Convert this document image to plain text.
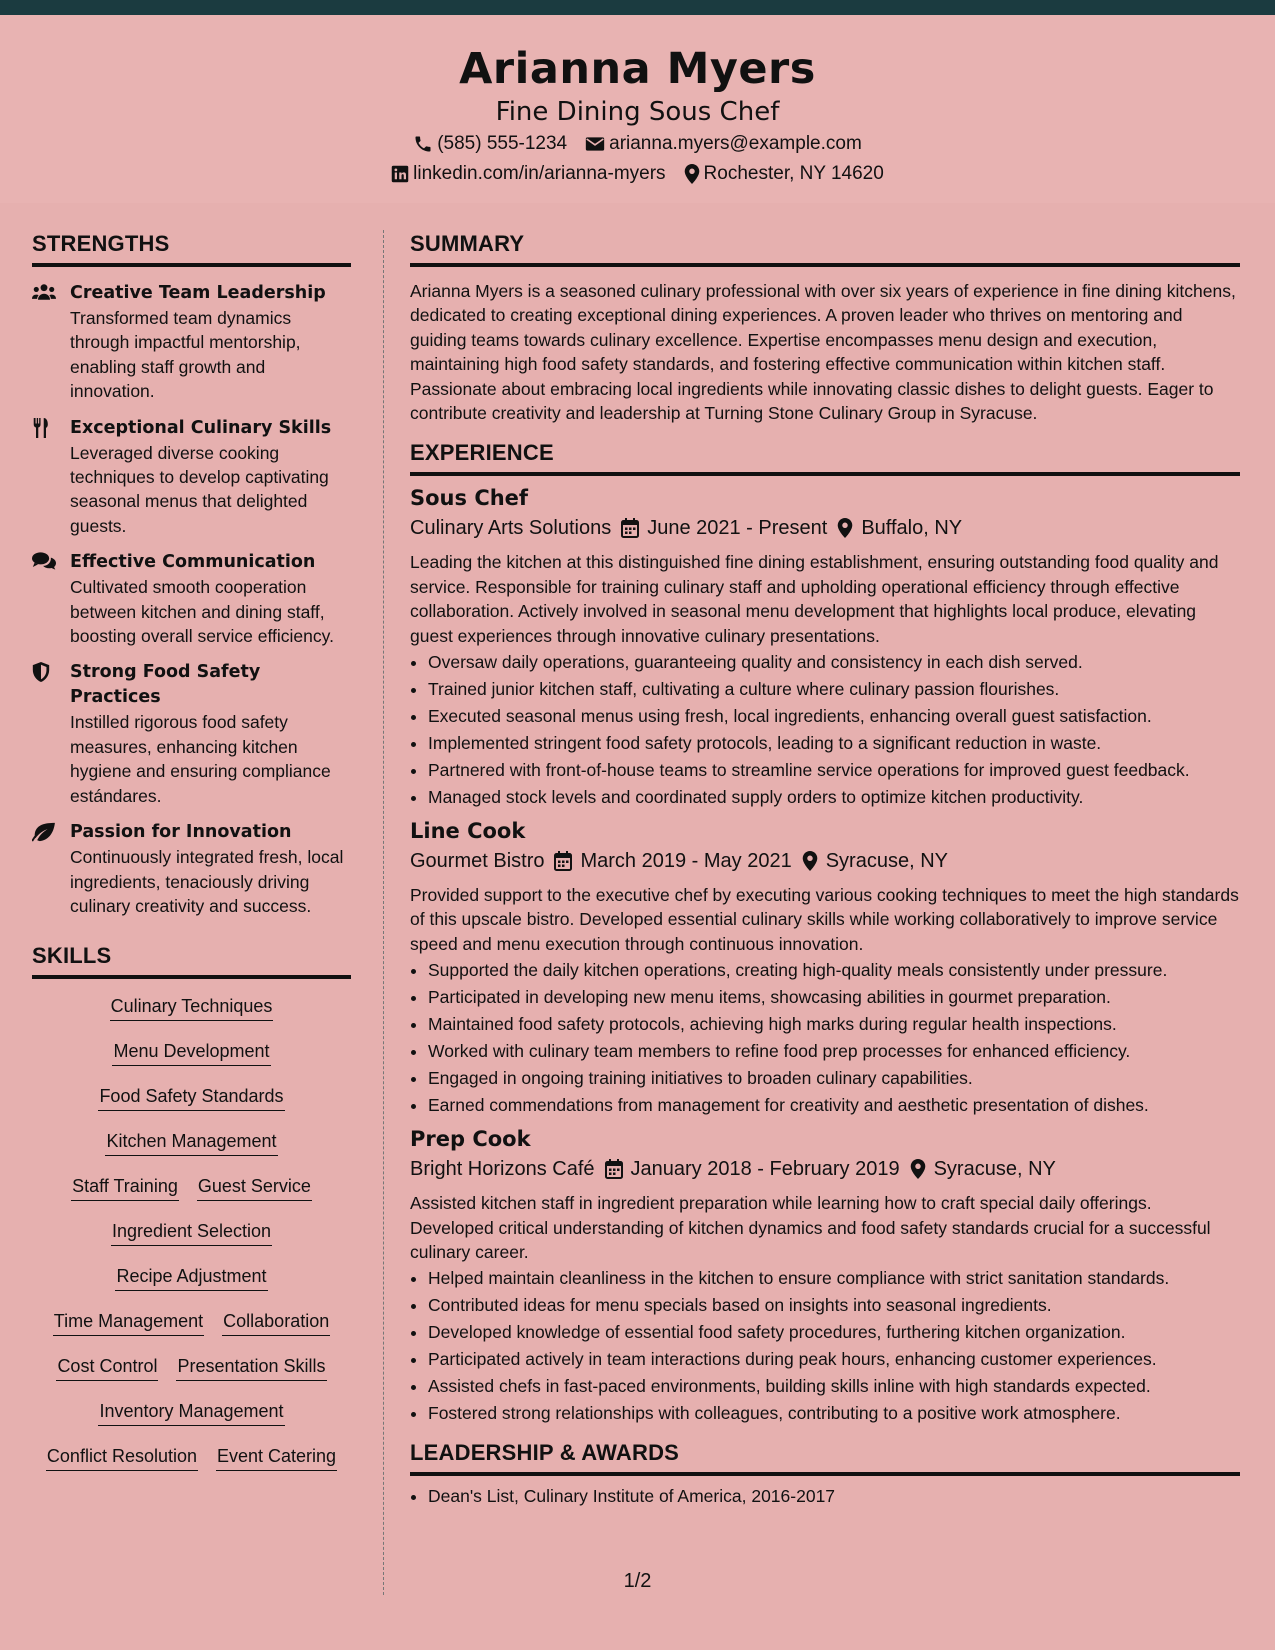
Arianna Myers
Fine Dining Sous Chef
(585) 555-1234 arianna.myers@example.com
linkedin.com/in/arianna-myers Rochester, NY 14620
STRENGTHS
Creative Team Leadership
Transformed team dynamics through impactful mentorship, enabling staff growth and innovation.
Exceptional Culinary Skills
Leveraged diverse cooking techniques to develop captivating seasonal menus that delighted guests.
Effective Communication
Cultivated smooth cooperation between kitchen and dining staff, boosting overall service efficiency.
Strong Food Safety Practices
Instilled rigorous food safety measures, enhancing kitchen hygiene and ensuring compliance estándares.
Passion for Innovation
Continuously integrated fresh, local ingredients, tenaciously driving culinary creativity and success.
SKILLS
Culinary Techniques
Menu Development
Food Safety Standards
Kitchen Management
Staff Training Guest Service
Ingredient Selection
Recipe Adjustment
Time Management Collaboration
Cost Control Presentation Skills
Inventory Management
Conflict Resolution Event Catering
SUMMARY
Arianna Myers is a seasoned culinary professional with over six years of experience in fine dining kitchens, dedicated to creating exceptional dining experiences. A proven leader who thrives on mentoring and guiding teams towards culinary excellence. Expertise encompasses menu design and execution, maintaining high food safety standards, and fostering effective communication within kitchen staff. Passionate about embracing local ingredients while innovating classic dishes to delight guests. Eager to contribute creativity and leadership at Turning Stone Culinary Group in Syracuse.
EXPERIENCE
Sous Chef
Culinary Arts Solutions June 2021 - Present Buffalo, NY
Leading the kitchen at this distinguished fine dining establishment, ensuring outstanding food quality and service. Responsible for training culinary staff and upholding operational efficiency through effective collaboration. Actively involved in seasonal menu development that highlights local produce, elevating guest experiences through innovative culinary presentations.
• Oversaw daily operations, guaranteeing quality and consistency in each dish served.
• Trained junior kitchen staff, cultivating a culture where culinary passion flourishes.
• Executed seasonal menus using fresh, local ingredients, enhancing overall guest satisfaction.
• Implemented stringent food safety protocols, leading to a significant reduction in waste.
• Partnered with front-of-house teams to streamline service operations for improved guest feedback.
• Managed stock levels and coordinated supply orders to optimize kitchen productivity.
Line Cook
Gourmet Bistro March 2019 - May 2021 Syracuse, NY
Provided support to the executive chef by executing various cooking techniques to meet the high standards of this upscale bistro. Developed essential culinary skills while working collaboratively to improve service speed and menu execution through continuous innovation.
• Supported the daily kitchen operations, creating high-quality meals consistently under pressure.
• Participated in developing new menu items, showcasing abilities in gourmet preparation.
• Maintained food safety protocols, achieving high marks during regular health inspections.
• Worked with culinary team members to refine food prep processes for enhanced efficiency.
• Engaged in ongoing training initiatives to broaden culinary capabilities.
• Earned commendations from management for creativity and aesthetic presentation of dishes.
Prep Cook
Bright Horizons Café January 2018 - February 2019 Syracuse, NY
Assisted kitchen staff in ingredient preparation while learning how to craft special daily offerings. Developed critical understanding of kitchen dynamics and food safety standards crucial for a successful culinary career.
• Helped maintain cleanliness in the kitchen to ensure compliance with strict sanitation standards.
• Contributed ideas for menu specials based on insights into seasonal ingredients.
• Developed knowledge of essential food safety procedures, furthering kitchen organization.
• Participated actively in team interactions during peak hours, enhancing customer experiences.
• Assisted chefs in fast-paced environments, building skills inline with high standards expected.
• Fostered strong relationships with colleagues, contributing to a positive work atmosphere.
LEADERSHIP & AWARDS
• Dean's List, Culinary Institute of America, 2016-2017
1/2
